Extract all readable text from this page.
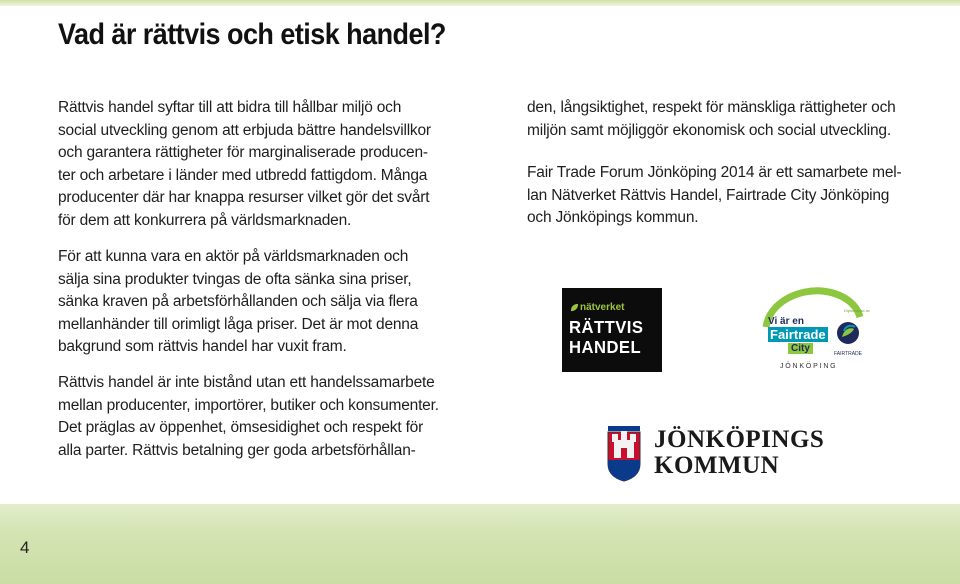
Vad är rättvis och etisk handel?

Rättvis handel syftar till att bidra till hållbar miljö och
social utveckling genom att erbjuda bättre handelsvillkor
och garantera rättigheter för marginaliserade producen-
ter och arbetare i länder med utbredd fattigdom. Många
producenter där har knappa resurser vilket gör det svårt
för dem att konkurrera på världsmarknaden.

För att kunna vara en aktör på världsmarknaden och
sälja sina produkter tvingas de ofta sänka sina priser,
sänka kraven på arbetsförhållanden och sälja via flera
mellanhänder till orimligt låga priser. Det är mot denna
bakgrund som rättvis handel har vuxit fram.

Rättvis handel är inte bistånd utan ett handelssamarbete
mellan producenter, importörer, butiker och konsumenter.
Det präglas av öppenhet, ömsesidighet och respekt för
alla parter. Rättvis betalning ger goda arbetsförhållan-

den, långsiktighet, respekt för mänskliga rättigheter och
miljön samt möjliggör ekonomisk och social utveckling.

Fair Trade Forum Jönköping 2014 är ett samarbete mel-
lan Nätverket Rättvis Handel, Fairtrade City Jönköping
och Jönköpings kommun.

nätverket
RÄTTVIS
HANDEL
Diplomerad av
Vi är en
Fairtrade
City	FAIRTRADE
JÖNKÖPING
JÖNKÖPINGS
KOMMUN
4
